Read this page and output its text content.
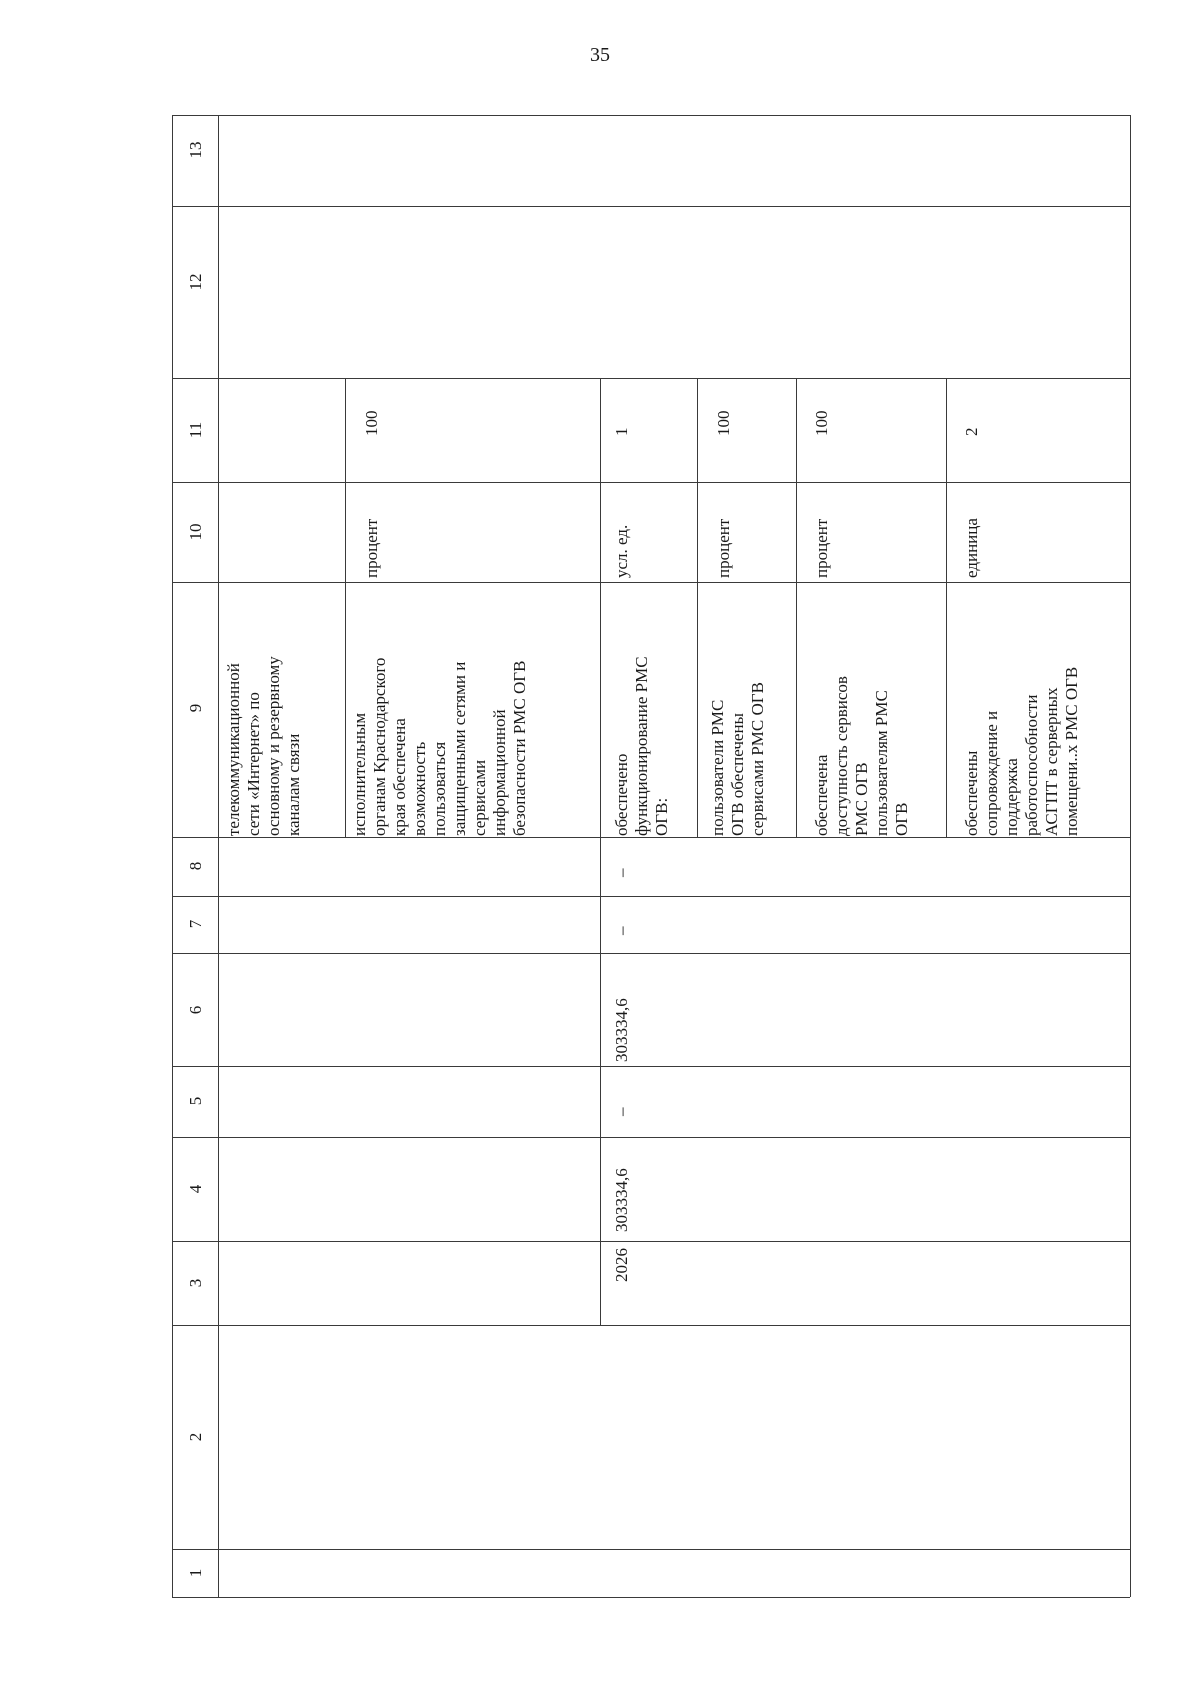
35
13
12
11
10
9
8
7
6
5
4
3
2
1
телекоммуникационной
сети «Интернет» по
основному и резервному
каналам связи	исполнительным
органам Краснодарского
края обеспечена
возможность
пользоваться
защищенными сетями и
сервисами
информационной
безопасности РМС ОГВ
процент
100
2026
303334,6
–
303334,6
–
–
обеспечено
функционирование РМС
ОГВ:
усл. ед.
1
пользователи РМС
ОГВ обеспечены
сервисами РМС ОГВ
процент
100
обеспечена
доступность сервисов
РМС ОГВ
пользователям РМС
ОГВ
процент
100
обеспечены
сопровождение и
поддержка
работоспособности
АСГПТ в серверных
помещени..х РМС ОГВ
единица
2
